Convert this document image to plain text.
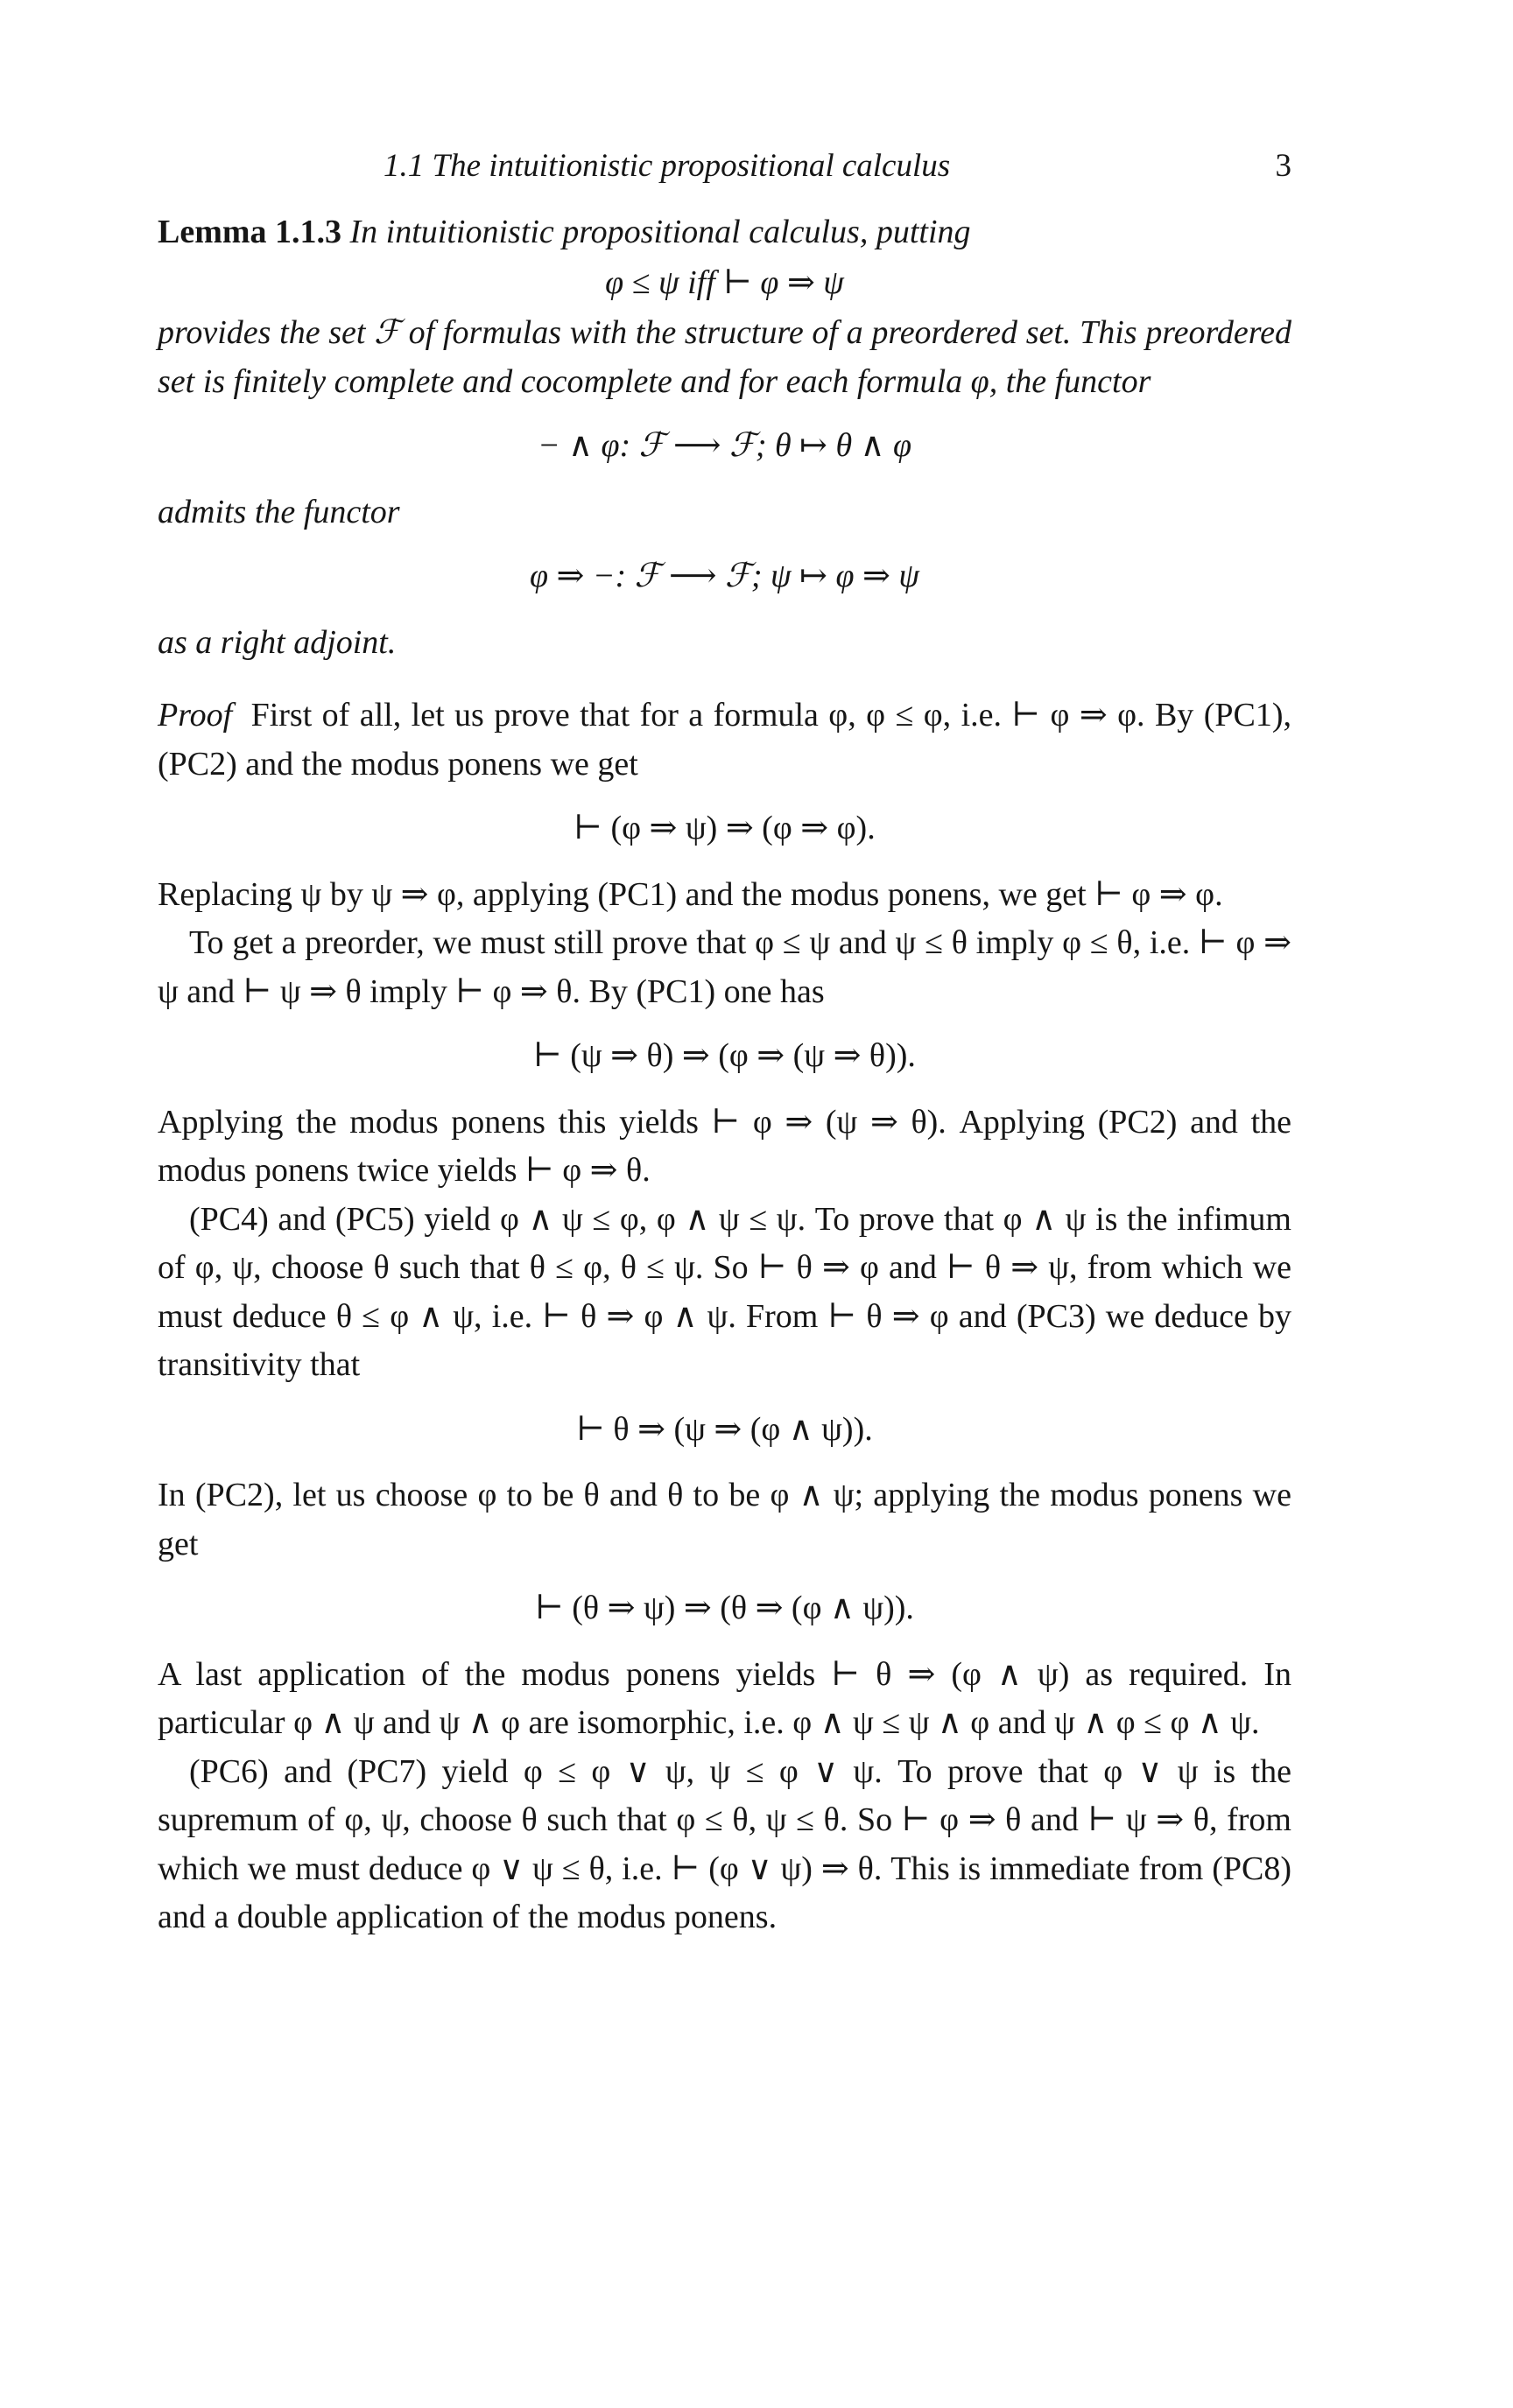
1.1 The intuitionistic propositional calculus	3

Lemma 1.1.3 In intuitionistic propositional calculus, putting

φ ≤ ψ iff ⊢ φ ⇒ ψ

provides the set ℱ of formulas with the structure of a preordered set. This preordered set is finitely complete and cocomplete and for each formula φ, the functor

− ∧ φ: ℱ ⟶ ℱ; θ ↦ θ ∧ φ

admits the functor

φ ⇒ −: ℱ ⟶ ℱ; ψ ↦ φ ⇒ ψ

as a right adjoint.

Proof First of all, let us prove that for a formula φ, φ ≤ φ, i.e. ⊢ φ ⇒ φ. By (PC1), (PC2) and the modus ponens we get

⊢ (φ ⇒ ψ) ⇒ (φ ⇒ φ).

Replacing ψ by ψ ⇒ φ, applying (PC1) and the modus ponens, we get ⊢ φ ⇒ φ.

To get a preorder, we must still prove that φ ≤ ψ and ψ ≤ θ imply φ ≤ θ, i.e. ⊢ φ ⇒ ψ and ⊢ ψ ⇒ θ imply ⊢ φ ⇒ θ. By (PC1) one has

⊢ (ψ ⇒ θ) ⇒ (φ ⇒ (ψ ⇒ θ)).

Applying the modus ponens this yields ⊢ φ ⇒ (ψ ⇒ θ). Applying (PC2) and the modus ponens twice yields ⊢ φ ⇒ θ.

(PC4) and (PC5) yield φ ∧ ψ ≤ φ, φ ∧ ψ ≤ ψ. To prove that φ ∧ ψ is the infimum of φ, ψ, choose θ such that θ ≤ φ, θ ≤ ψ. So ⊢ θ ⇒ φ and ⊢ θ ⇒ ψ, from which we must deduce θ ≤ φ ∧ ψ, i.e. ⊢ θ ⇒ φ ∧ ψ. From ⊢ θ ⇒ φ and (PC3) we deduce by transitivity that

⊢ θ ⇒ (ψ ⇒ (φ ∧ ψ)).

In (PC2), let us choose φ to be θ and θ to be φ ∧ ψ; applying the modus ponens we get

⊢ (θ ⇒ ψ) ⇒ (θ ⇒ (φ ∧ ψ)).

A last application of the modus ponens yields ⊢ θ ⇒ (φ ∧ ψ) as required. In particular φ ∧ ψ and ψ ∧ φ are isomorphic, i.e. φ ∧ ψ ≤ ψ ∧ φ and ψ ∧ φ ≤ φ ∧ ψ.

(PC6) and (PC7) yield φ ≤ φ ∨ ψ, ψ ≤ φ ∨ ψ. To prove that φ ∨ ψ is the supremum of φ, ψ, choose θ such that φ ≤ θ, ψ ≤ θ. So ⊢ φ ⇒ θ and ⊢ ψ ⇒ θ, from which we must deduce φ ∨ ψ ≤ θ, i.e. ⊢ (φ ∨ ψ) ⇒ θ. This is immediate from (PC8) and a double application of the modus ponens.
